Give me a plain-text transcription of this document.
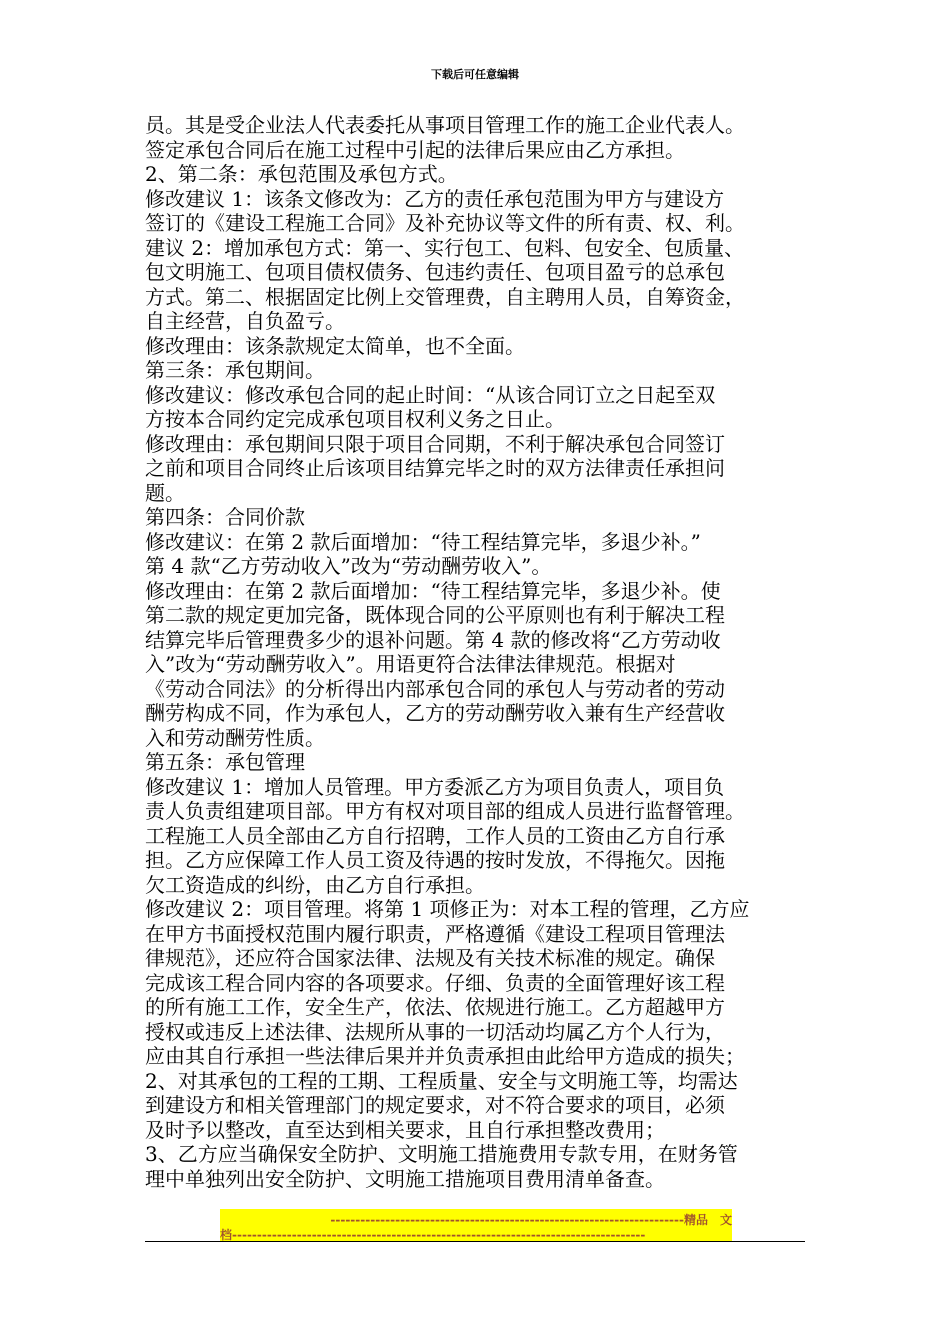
下载后可任意编辑
员。其是受企业法人代表委托从事项目管理工作的施工企业代表人。
签定承包合同后在施工过程中引起的法律后果应由乙方承担。
2、第二条：承包范围及承包方式。
修改建议 1：该条文修改为：乙方的责任承包范围为甲方与建设方
签订的《建设工程施工合同》及补充协议等文件的所有责、权、利。
建议 2：增加承包方式：第一、实行包工、包料、包安全、包质量、
包文明施工、包项目债权债务、包违约责任、包项目盈亏的总承包
方式。第二、根据固定比例上交管理费，自主聘用人员，自筹资金，
自主经营，自负盈亏。
修改理由：该条款规定太简单，也不全面。
第三条：承包期间。
修改建议：修改承包合同的起止时间：“从该合同订立之日起至双
方按本合同约定完成承包项目权利义务之日止。
修改理由：承包期间只限于项目合同期，不利于解决承包合同签订
之前和项目合同终止后该项目结算完毕之时的双方法律责任承担问
题。
第四条：合同价款
修改建议：在第 2 款后面增加：“待工程结算完毕，多退少补。”
第 4 款“乙方劳动收入”改为“劳动酬劳收入”。
修改理由：在第 2 款后面增加：“待工程结算完毕，多退少补。使
第二款的规定更加完备，既体现合同的公平原则也有利于解决工程
结算完毕后管理费多少的退补问题。第 4 款的修改将“乙方劳动收
入”改为“劳动酬劳收入”。用语更符合法律法律规范。根据对
《劳动合同法》的分析得出内部承包合同的承包人与劳动者的劳动
酬劳构成不同，作为承包人，乙方的劳动酬劳收入兼有生产经营收
入和劳动酬劳性质。
第五条：承包管理
修改建议 1：增加人员管理。甲方委派乙方为项目负责人，项目负
责人负责组建项目部。甲方有权对项目部的组成人员进行监督管理。
工程施工人员全部由乙方自行招聘，工作人员的工资由乙方自行承
担。乙方应保障工作人员工资及待遇的按时发放，不得拖欠。因拖
欠工资造成的纠纷，由乙方自行承担。
修改建议 2：项目管理。将第 1 项修正为：对本工程的管理，乙方应
在甲方书面授权范围内履行职责，严格遵循《建设工程项目管理法
律规范》，还应符合国家法律、法规及有关技术标准的规定。确保
完成该工程合同内容的各项要求。仔细、负责的全面管理好该工程
的所有施工工作，安全生产，依法、依规进行施工。乙方超越甲方
授权或违反上述法律、法规所从事的一切活动均属乙方个人行为，
应由其自行承担一些法律后果并并负责承担由此给甲方造成的损失；
2、对其承包的工程的工期、工程质量、安全与文明施工等，均需达
到建设方和相关管理部门的规定要求，对不符合要求的项目，必须
及时予以整改，直至达到相关要求，且自行承担整改费用；
3、乙方应当确保安全防护、文明施工措施费用专款专用，在财务管
理中单独列出安全防护、文明施工措施项目费用清单备查。
-----------------------------------------------------------------------精品　文
档-----------------------------------------------------------------------------------
